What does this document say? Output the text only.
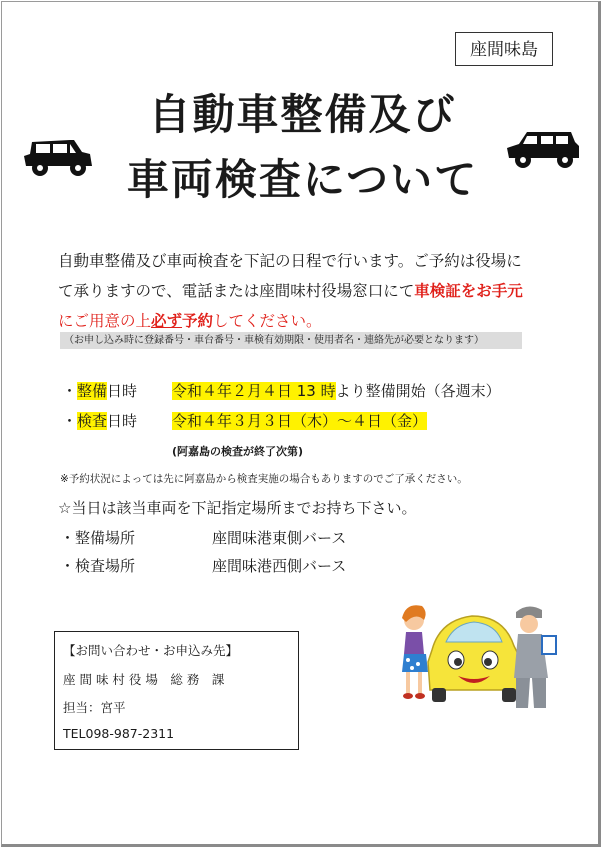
座間味島
自動車整備及び
車両検査について
自動車整備及び車両検査を下記の日程で行います。ご予約は役場に
て承りますので、電話または座間味村役場窓口にて車検証をお手元
にご用意の上必ず予約してください。
（お申し込み時に登録番号・車台番号・車検有効期限・使用者名・連絡先が必要となります）
・整備日時 令和４年２月４日 13 時より整備開始（各週末）
・検査日時 令和４年３月３日（木）～４日（金）
(阿嘉島の検査が終了次第)
※予約状況によっては先に阿嘉島から検査実施の場合もありますのでご了承ください。
☆当日は該当車両を下記指定場所までお持ち下さい。
・整備場所	座間味港東側バース
・検査場所	座間味港西側バース
【お問い合わせ・お申込み先】
座 間 味 村 役 場　総 務　課
担当：宮平
TEL098-987-2311
